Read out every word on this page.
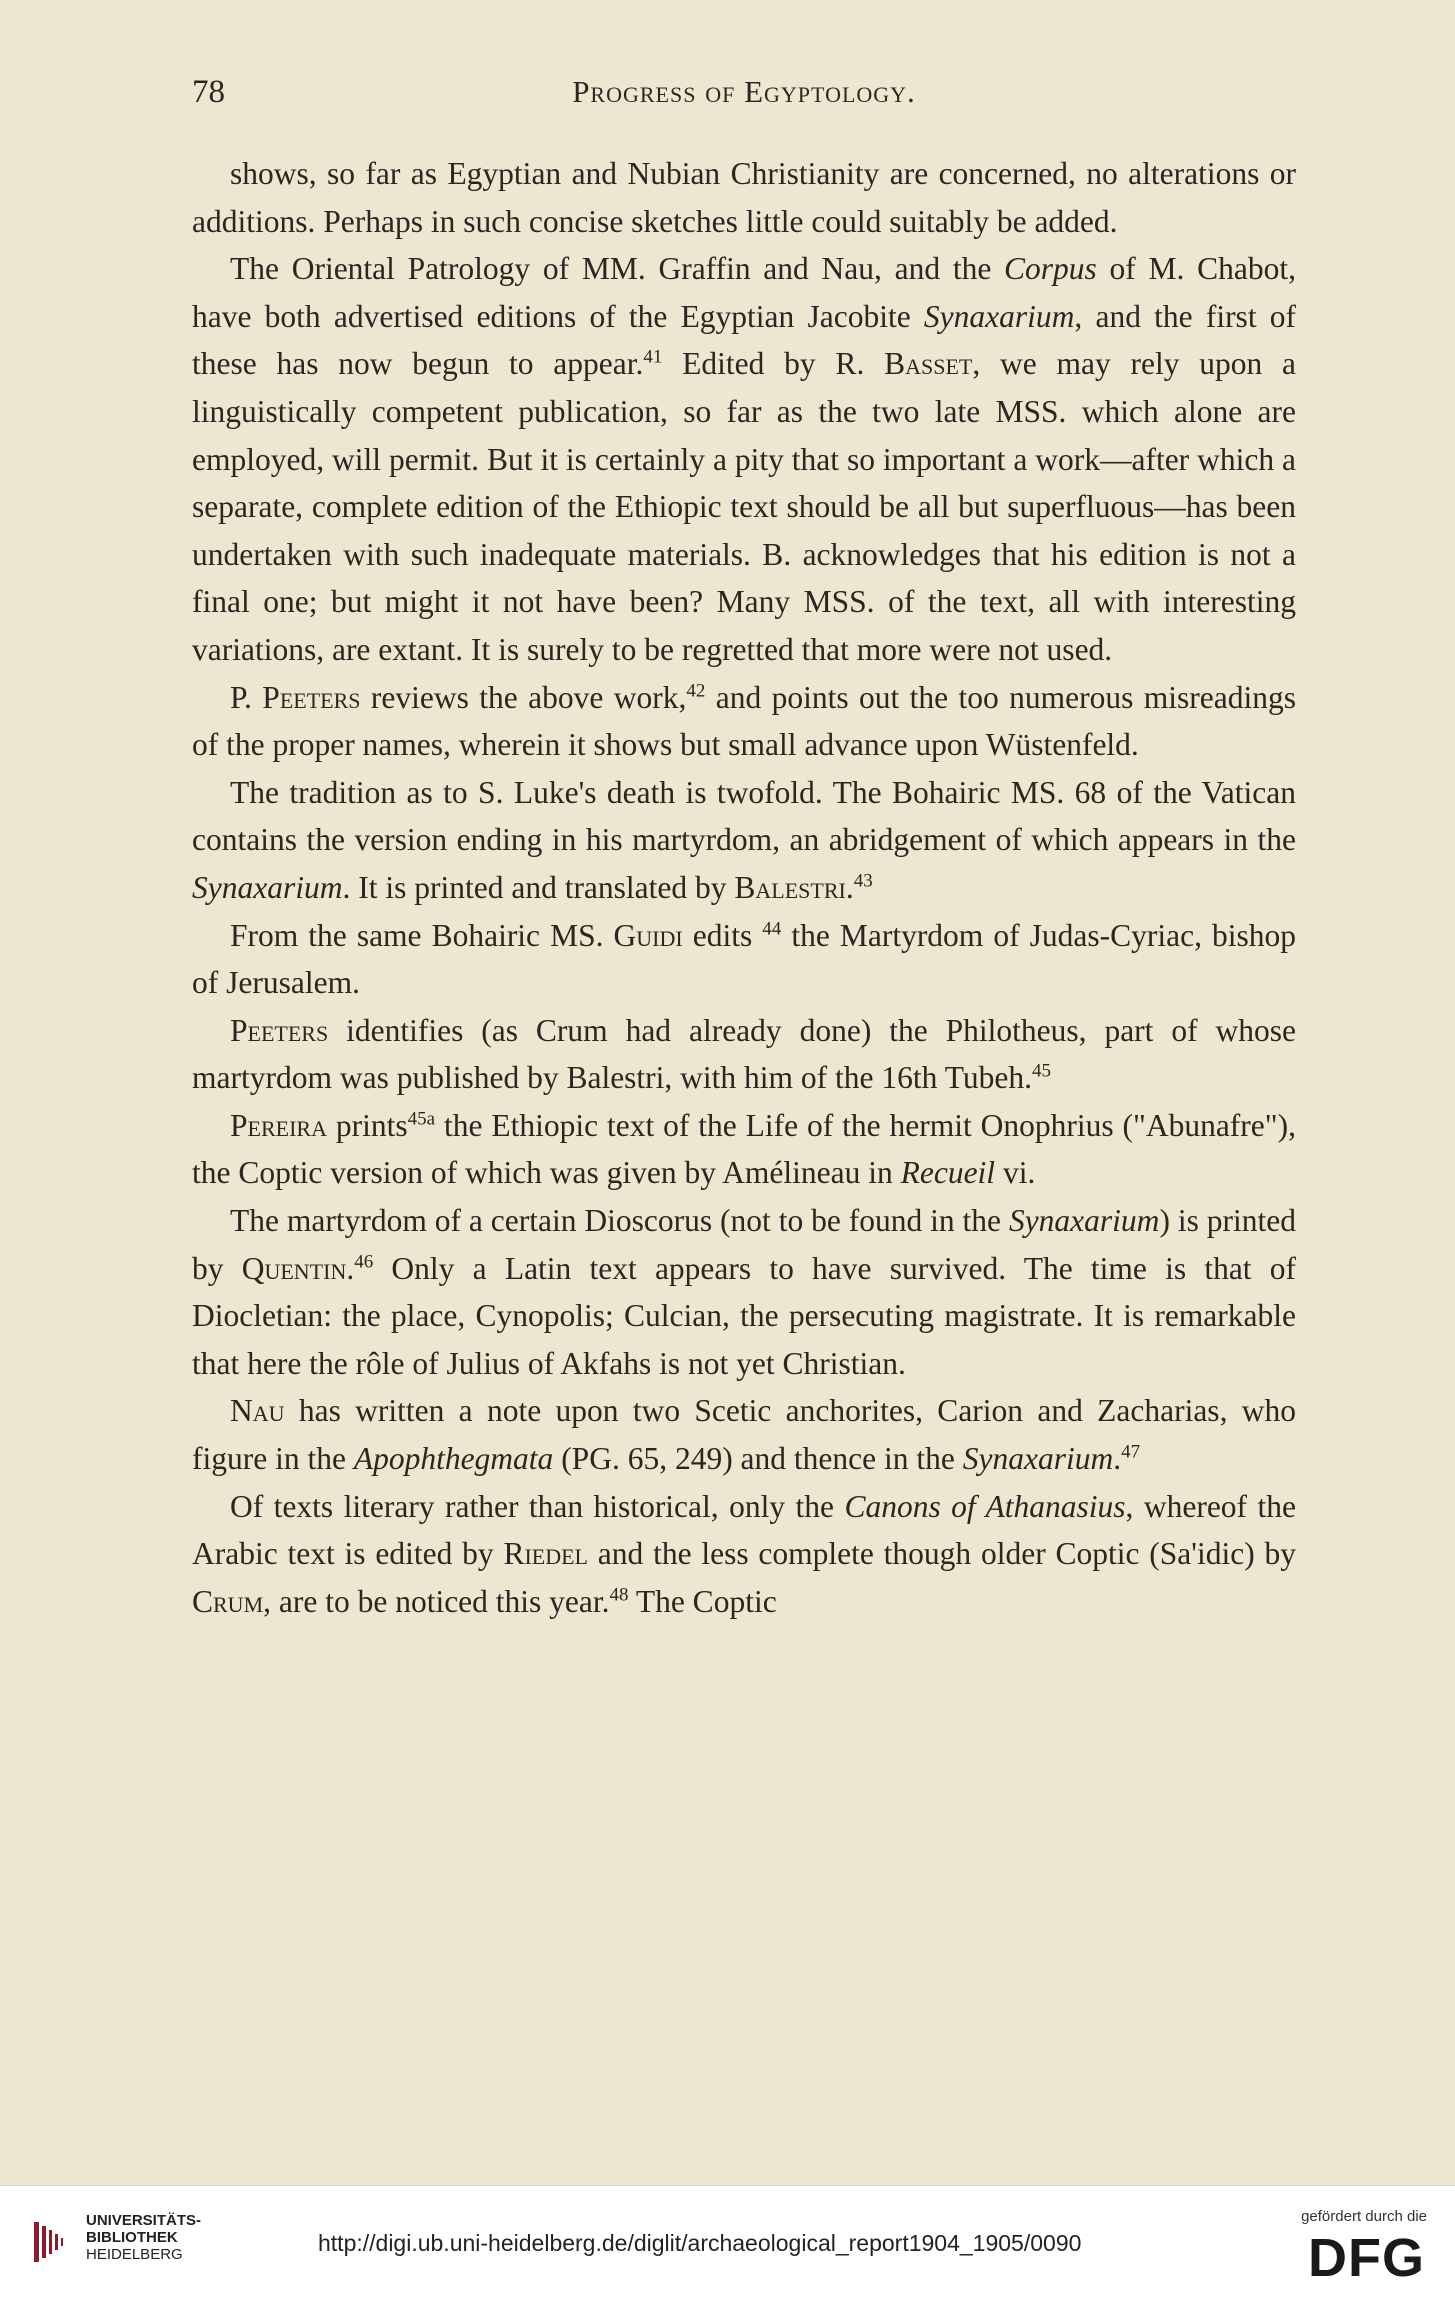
78	Progress of Egyptology.

shows, so far as Egyptian and Nubian Christianity are concerned, no alterations or additions. Perhaps in such concise sketches little could suitably be added.

The Oriental Patrology of MM. Graffin and Nau, and the Corpus of M. Chabot, have both advertised editions of the Egyptian Jacobite Synaxarium, and the first of these has now begun to appear.$^{41}$ Edited by R. Basset, we may rely upon a linguistically competent publication, so far as the two late MSS. which alone are employed, will permit. But it is certainly a pity that so important a work—after which a separate, complete edition of the Ethiopic text should be all but superfluous—has been undertaken with such inadequate materials. B. acknowledges that his edition is not a final one; but might it not have been? Many MSS. of the text, all with interesting variations, are extant. It is surely to be regretted that more were not used.

P. Peeters reviews the above work,$^{42}$ and points out the too numerous misreadings of the proper names, wherein it shows but small advance upon Wüstenfeld.

The tradition as to S. Luke's death is twofold. The Bohairic MS. 68 of the Vatican contains the version ending in his martyrdom, an abridgement of which appears in the Synaxarium. It is printed and translated by Balestri.$^{43}$

From the same Bohairic MS. Guidi edits $^{44}$ the Martyrdom of Judas-Cyriac, bishop of Jerusalem.

Peeters identifies (as Crum had already done) the Philotheus, part of whose martyrdom was published by Balestri, with him of the 16th Tubeh.$^{45}$

Pereira prints$^{45a}$ the Ethiopic text of the Life of the hermit Onophrius ("Abunafre"), the Coptic version of which was given by Amélineau in Recueil vi.

The martyrdom of a certain Dioscorus (not to be found in the Synaxarium) is printed by Quentin.$^{46}$ Only a Latin text appears to have survived. The time is that of Diocletian: the place, Cynopolis; Culcian, the persecuting magistrate. It is remarkable that here the rôle of Julius of Akfahs is not yet Christian.

Nau has written a note upon two Scetic anchorites, Carion and Zacharias, who figure in the Apophthegmata (PG. 65, 249) and thence in the Synaxarium.$^{47}$

Of texts literary rather than historical, only the Canons of Athanasius, whereof the Arabic text is edited by Riedel and the less complete though older Coptic (Sa'idic) by Crum, are to be noticed this year.$^{48}$ The Coptic

UNIVERSITÄTS-
BIBLIOTHEK
HEIDELBERG	http://digi.ub.uni-heidelberg.de/diglit/archaeological_report1904_1905/0090
gefördert durch die
DFG
